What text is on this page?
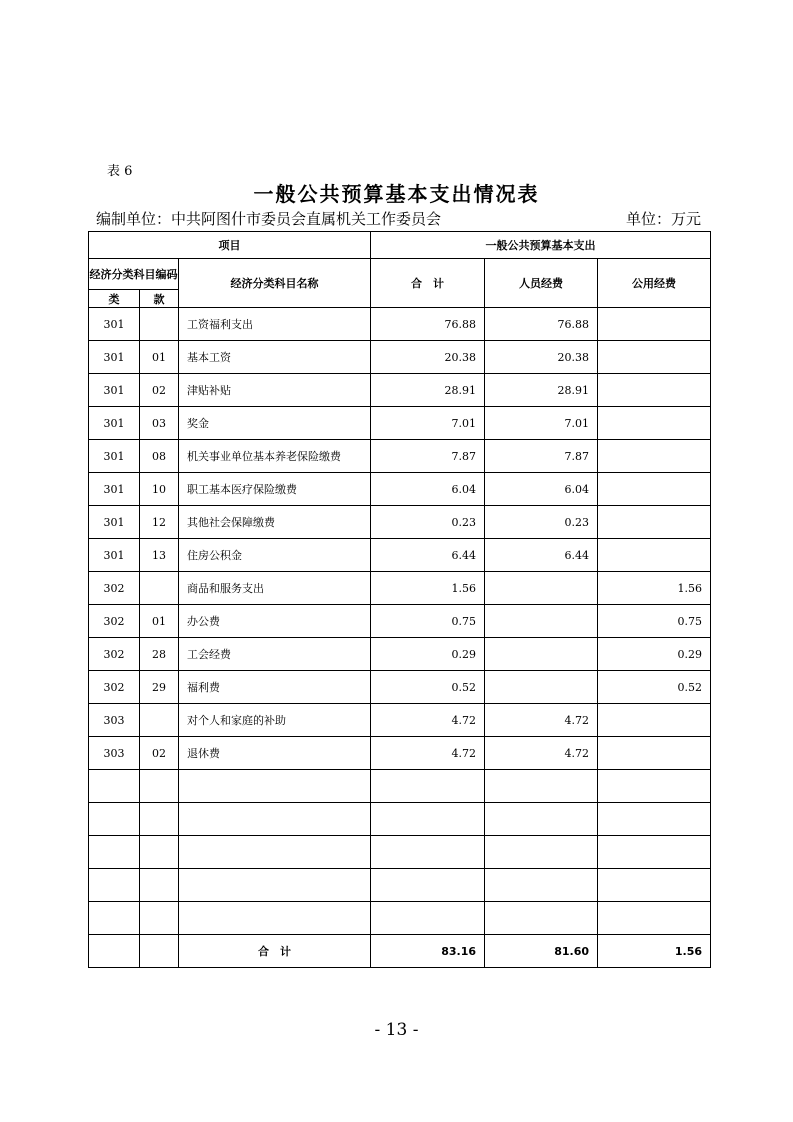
表 6
一般公共预算基本支出情况表
编制单位：中共阿图什市委员会直属机关工作委员会	单位：万元
项目			一般公共预算基本支出		
经济分类科目编码		经济分类科目名称	合　计	人员经费	公用经费
类	款				
301		工资福利支出	76.88	76.88	
301	01	基本工资	20.38	20.38	
301	02	津贴补贴	28.91	28.91	
301	03	奖金	7.01	7.01	
301	08	机关事业单位基本养老保险缴费	7.87	7.87	
301	10	职工基本医疗保险缴费	6.04	6.04	
301	12	其他社会保障缴费	0.23	0.23	
301	13	住房公积金	6.44	6.44	
302		商品和服务支出	1.56		1.56
302	01	办公费	0.75		0.75
302	28	工会经费	0.29		0.29
302	29	福利费	0.52		0.52
303		对个人和家庭的补助	4.72	4.72	
303	02	退休费	4.72	4.72	

		合　计	83.16	81.60	1.56
- 13 -
